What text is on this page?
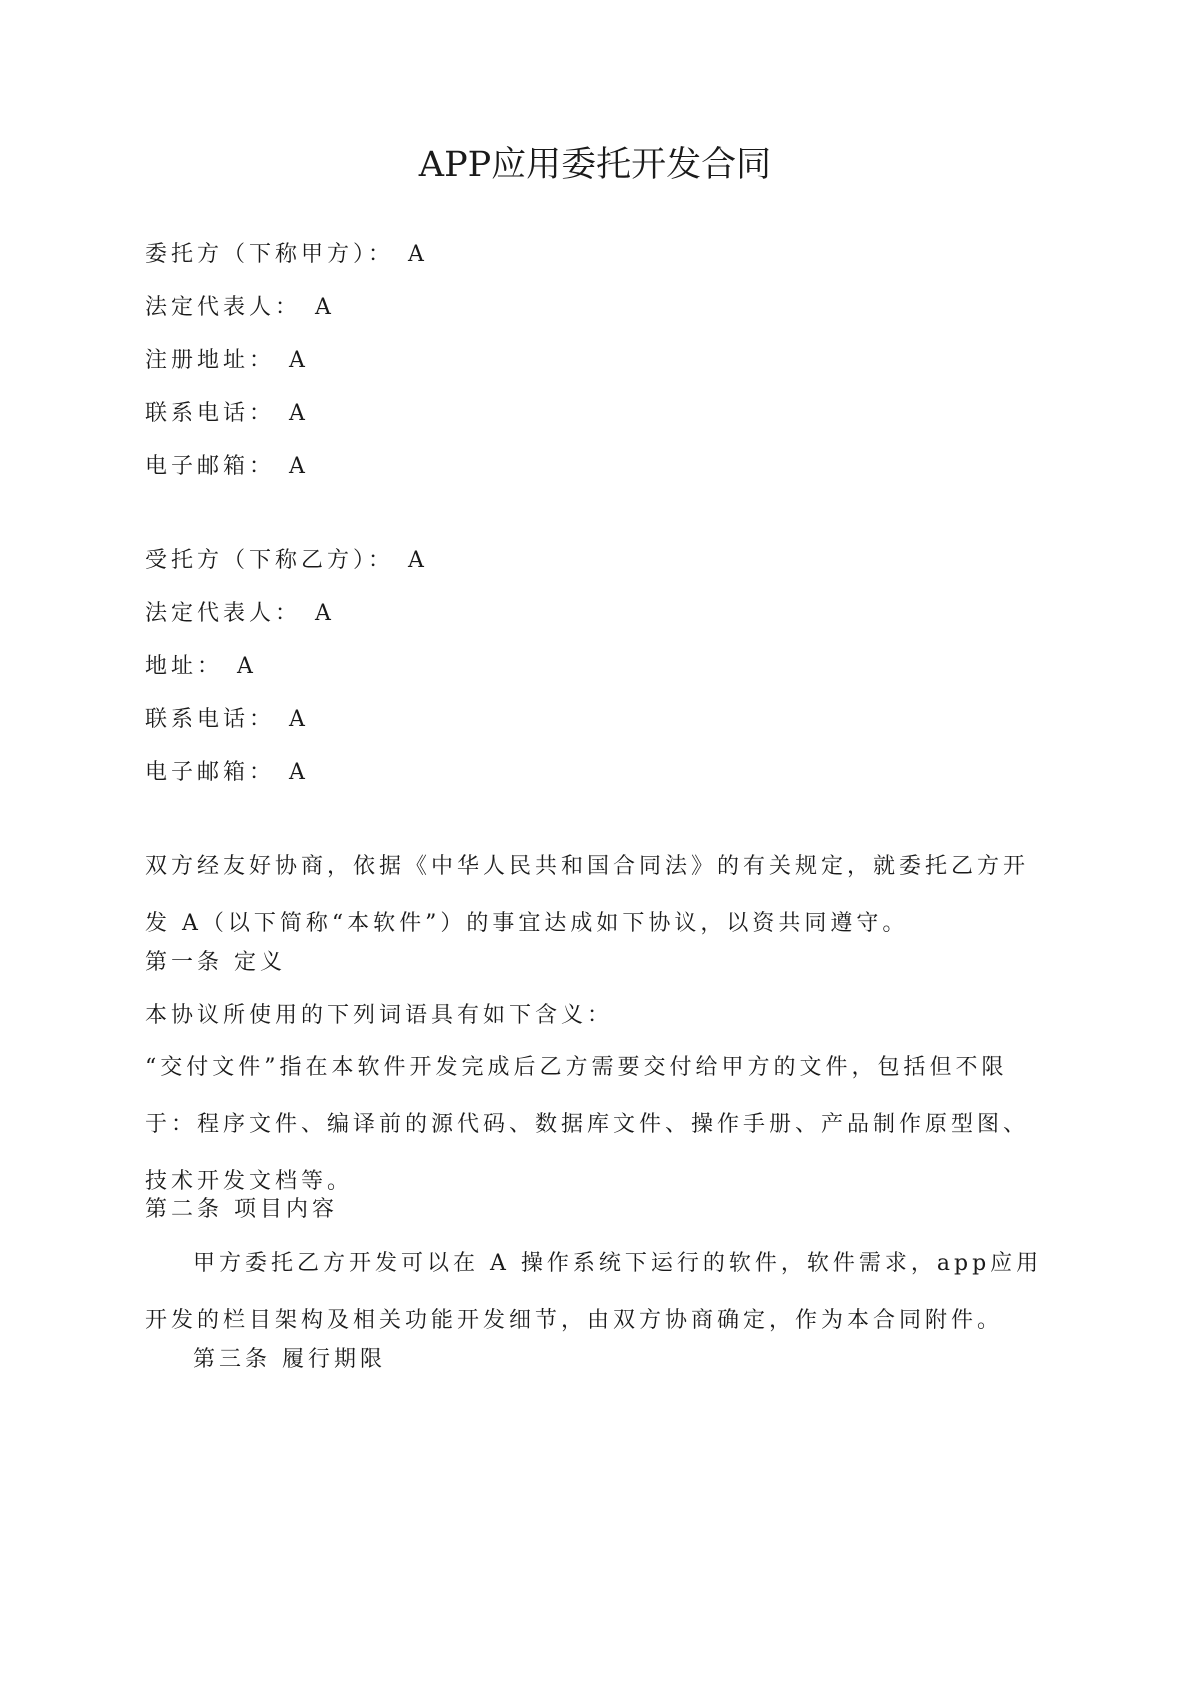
APP应用委托开发合同
委托方（下称甲方）： A
法定代表人： A
注册地址： A
联系电话： A
电子邮箱： A
受托方（下称乙方）： A
法定代表人： A
地址： A
联系电话： A
电子邮箱： A
双方经友好协商，依据《中华人民共和国合同法》的有关规定，就委托乙方开发 A（以下简称“本软件”）的事宜达成如下协议，以资共同遵守。
第一条 定义
本协议所使用的下列词语具有如下含义：
“交付文件”指在本软件开发完成后乙方需要交付给甲方的文件，包括但不限于：程序文件、编译前的源代码、数据库文件、操作手册、产品制作原型图、技术开发文档等。
第二条 项目内容
甲方委托乙方开发可以在 A 操作系统下运行的软件，软件需求，app应用开发的栏目架构及相关功能开发细节，由双方协商确定，作为本合同附件。
第三条 履行期限
